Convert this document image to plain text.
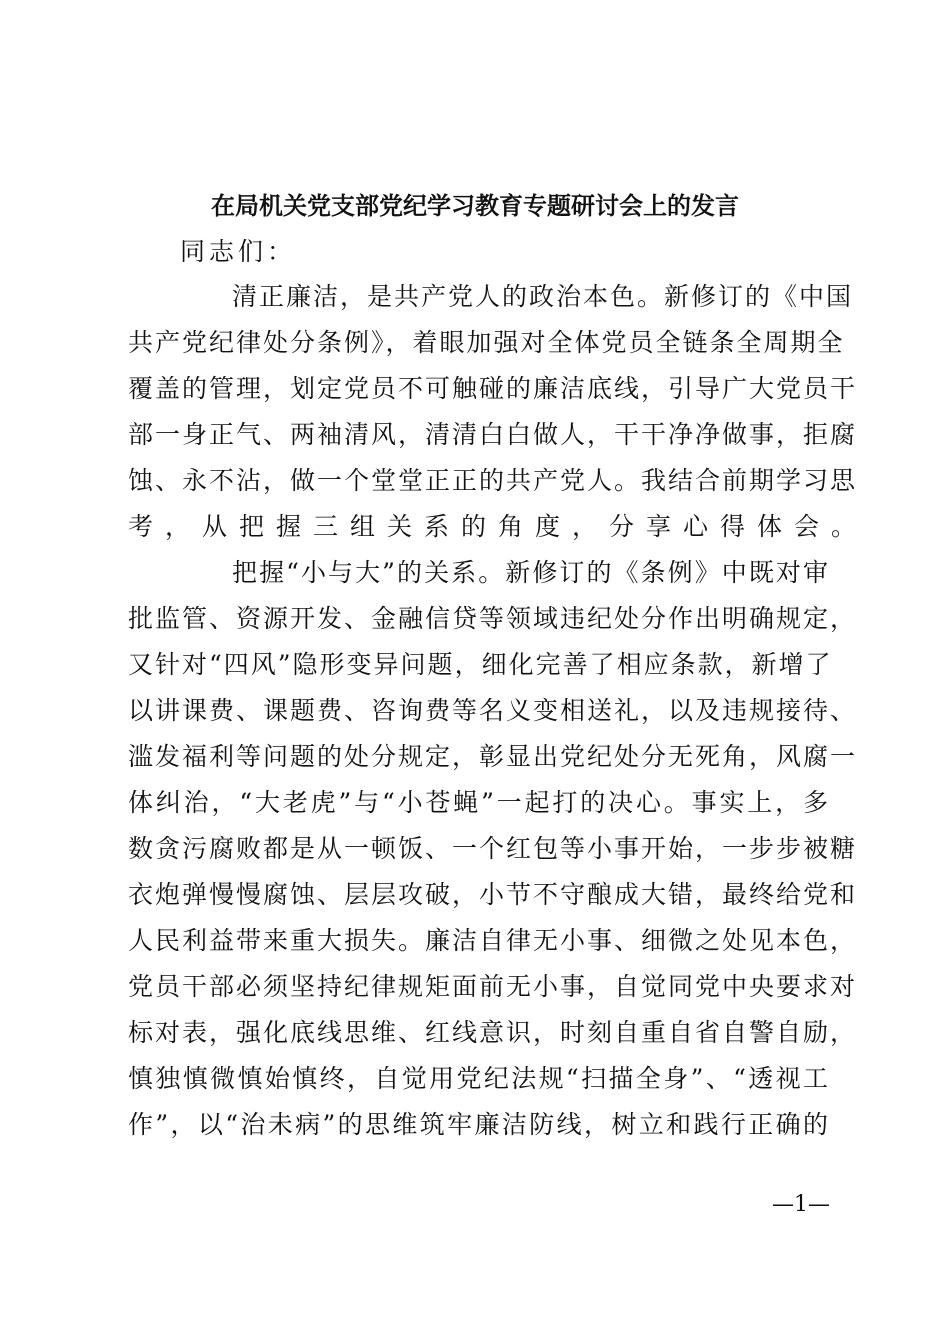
在局机关党支部党纪学习教育专题研讨会上的发言
同志们：
清正廉洁，是共产党人的政治本色。新修订的《中国
共产党纪律处分条例》，着眼加强对全体党员全链条全周期全
覆盖的管理，划定党员不可触碰的廉洁底线，引导广大党员干
部一身正气、两袖清风，清清白白做人，干干净净做事，拒腐
蚀、永不沾，做一个堂堂正正的共产党人。我结合前期学习思
考，从把握三组关系的角度，分享心得体会。
把握“小与大”的关系。新修订的《条例》中既对审
批监管、资源开发、金融信贷等领域违纪处分作出明确规定，
又针对“四风”隐形变异问题，细化完善了相应条款，新增了
以讲课费、课题费、咨询费等名义变相送礼，以及违规接待、
滥发福利等问题的处分规定，彰显出党纪处分无死角，风腐一
体纠治，“大老虎”与“小苍蝇”一起打的决心。事实上，多
数贪污腐败都是从一顿饭、一个红包等小事开始，一步步被糖
衣炮弹慢慢腐蚀、层层攻破，小节不守酿成大错，最终给党和
人民利益带来重大损失。廉洁自律无小事、细微之处见本色，
党员干部必须坚持纪律规矩面前无小事，自觉同党中央要求对
标对表，强化底线思维、红线意识，时刻自重自省自警自励，
慎独慎微慎始慎终，自觉用党纪法规“扫描全身”、“透视工
作”，以“治未病”的思维筑牢廉洁防线，树立和践行正确的
—1—
